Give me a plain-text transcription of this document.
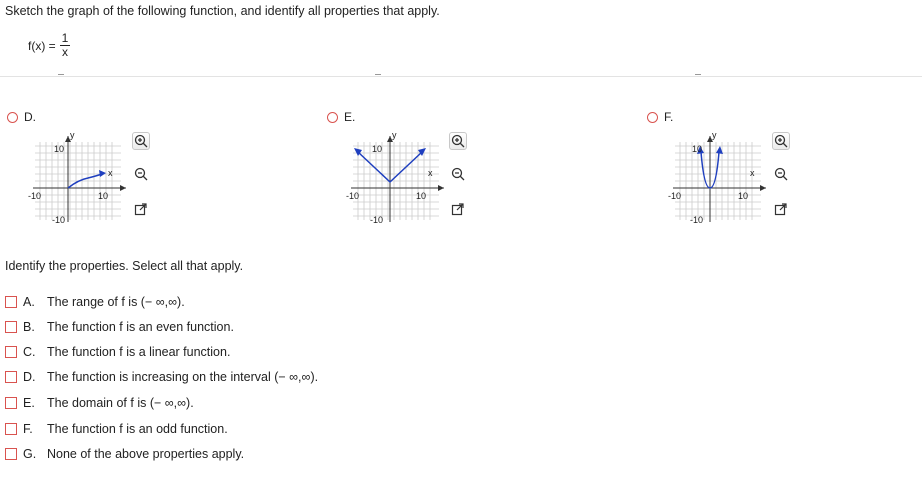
Sketch the graph of the following function, and identify all properties that apply.
$f(x) = \frac{1}{x}$
D.
y
x
10
-10
-10	10
E.
y
x
10
-10
-10	10
F.
y
x
10
-10
-10	10
Identify the properties. Select all that apply.
A. The range of f is (− ∞,∞).
B. The function f is an even function.
C. The function f is a linear function.
D. The function is increasing on the interval (− ∞,∞).
E. The domain of f is (− ∞,∞).
F.	The function f is an odd function.
G. None of the above properties apply.
